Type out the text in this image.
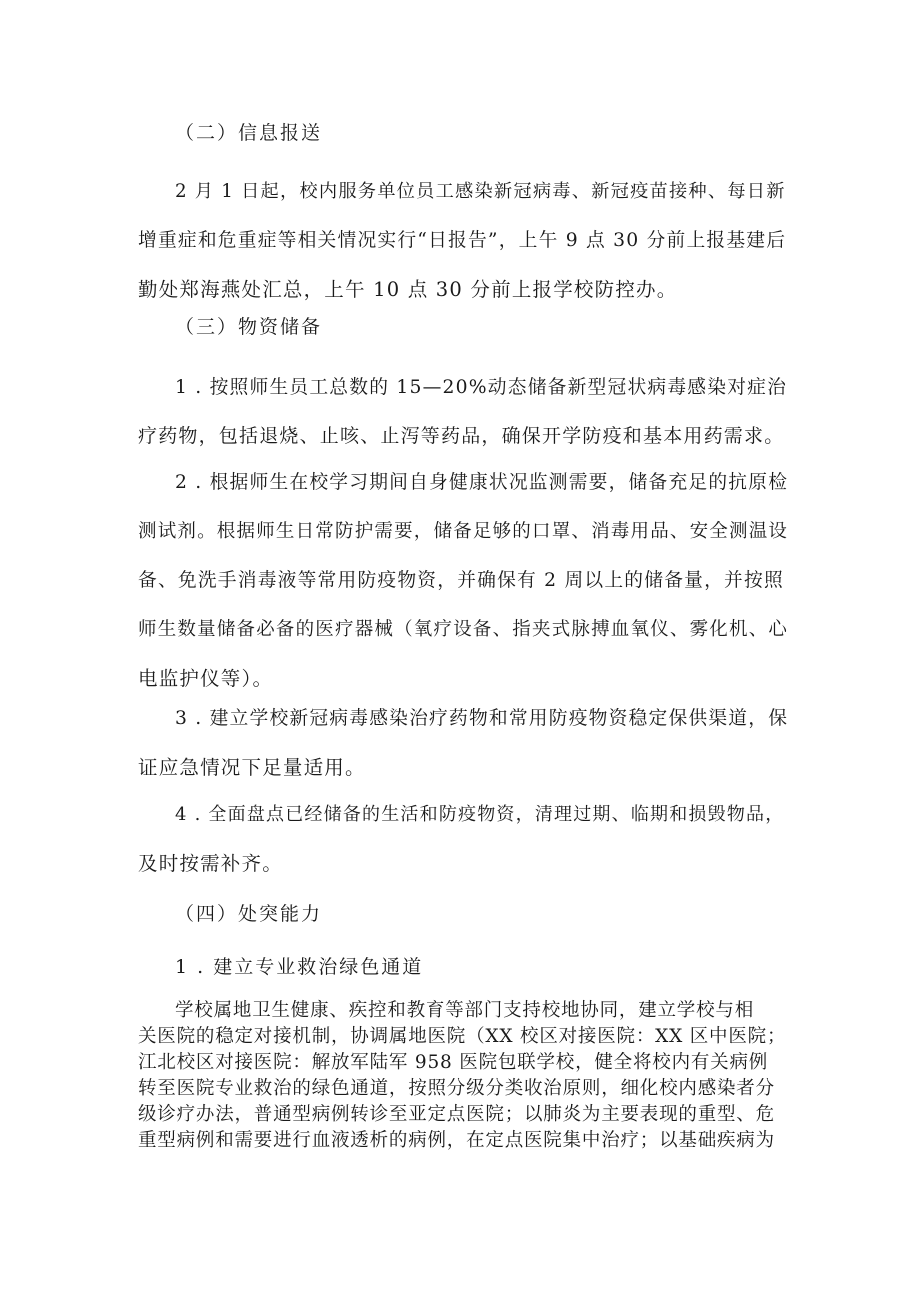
（二）信息报送
2 月 1 日起，校内服务单位员工感染新冠病毒、新冠疫苗接种、每日新
增重症和危重症等相关情况实行“日报告”，上午 9 点 30 分前上报基建后
勤处郑海燕处汇总，上午 10 点 30 分前上报学校防控办。
（三）物资储备
1 . 按照师生员工总数的 15—20%动态储备新型冠状病毒感染对症治
疗药物，包括退烧、止咳、止泻等药品，确保开学防疫和基本用药需求。
2 . 根据师生在校学习期间自身健康状况监测需要，储备充足的抗原检
测试剂。根据师生日常防护需要，储备足够的口罩、消毒用品、安全测温设
备、免洗手消毒液等常用防疫物资，并确保有 2 周以上的储备量，并按照
师生数量储备必备的医疗器械（氧疗设备、指夹式脉搏血氧仪、雾化机、心
电监护仪等）。
3 . 建立学校新冠病毒感染治疗药物和常用防疫物资稳定保供渠道，保
证应急情况下足量适用。
4 . 全面盘点已经储备的生活和防疫物资，清理过期、临期和损毁物品，
及时按需补齐。
（四）处突能力
1 . 建立专业救治绿色通道
学校属地卫生健康、疾控和教育等部门支持校地协同，建立学校与相
关医院的稳定对接机制，协调属地医院（XX 校区对接医院：XX 区中医院；
江北校区对接医院：解放军陆军 958 医院包联学校，健全将校内有关病例
转至医院专业救治的绿色通道，按照分级分类收治原则，细化校内感染者分
级诊疗办法，普通型病例转诊至亚定点医院；以肺炎为主要表现的重型、危
重型病例和需要进行血液透析的病例，在定点医院集中治疗；以基础疾病为
